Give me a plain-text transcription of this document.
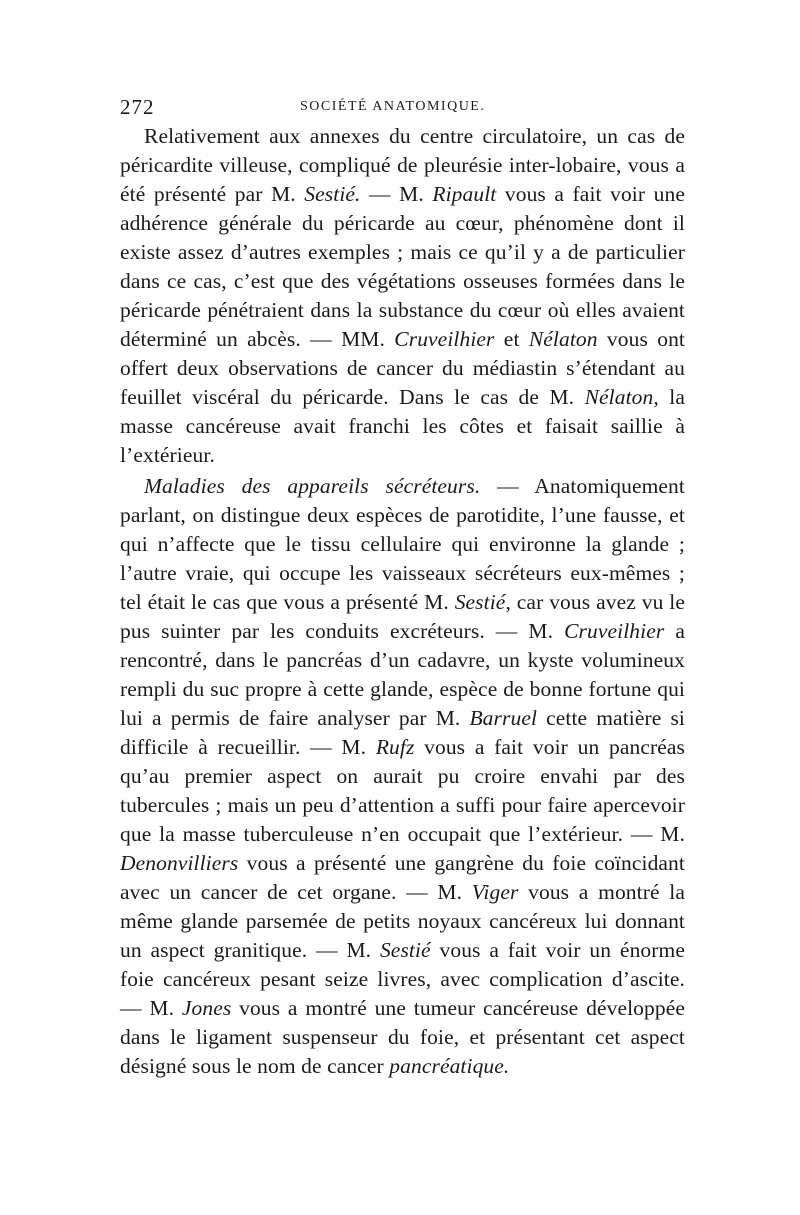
272	SOCIÉTÉ ANATOMIQUE.

Relativement aux annexes du centre circulatoire, un cas de péricardite villeuse, compliqué de pleurésie inter-lobaire, vous a été présenté par M. Sestié. — M. Ripault vous a fait voir une adhérence générale du péricarde au cœur, phénomène dont il existe assez d’autres exemples ; mais ce qu’il y a de particulier dans ce cas, c’est que des végétations osseuses formées dans le péricarde pénétraient dans la substance du cœur où elles avaient déterminé un abcès. — MM. Cruveilhier et Nélaton vous ont offert deux observations de cancer du médiastin s’étendant au feuillet viscéral du péricarde. Dans le cas de M. Nélaton, la masse cancéreuse avait franchi les côtes et faisait saillie à l’extérieur.

Maladies des appareils sécréteurs. — Anatomiquement parlant, on distingue deux espèces de parotidite, l’une fausse, et qui n’affecte que le tissu cellulaire qui environne la glande ; l’autre vraie, qui occupe les vaisseaux sécréteurs eux-mêmes ; tel était le cas que vous a présenté M. Sestié, car vous avez vu le pus suinter par les conduits excréteurs. — M. Cruveilhier a rencontré, dans le pancréas d’un cadavre, un kyste volumineux rempli du suc propre à cette glande, espèce de bonne fortune qui lui a permis de faire analyser par M. Barruel cette matière si difficile à recueillir. — M. Rufz vous a fait voir un pancréas qu’au premier aspect on aurait pu croire envahi par des tubercules ; mais un peu d’attention a suffi pour faire apercevoir que la masse tuberculeuse n’en occupait que l’extérieur. — M. Denonvilliers vous a présenté une gangrène du foie coïncidant avec un cancer de cet organe. — M. Viger vous a montré la même glande parsemée de petits noyaux cancéreux lui donnant un aspect granitique. — M. Sestié vous a fait voir un énorme foie cancéreux pesant seize livres, avec complication d’ascite. — M. Jones vous a montré une tumeur cancéreuse développée dans le ligament suspenseur du foie, et présentant cet aspect désigné sous le nom de cancer pancréatique.
